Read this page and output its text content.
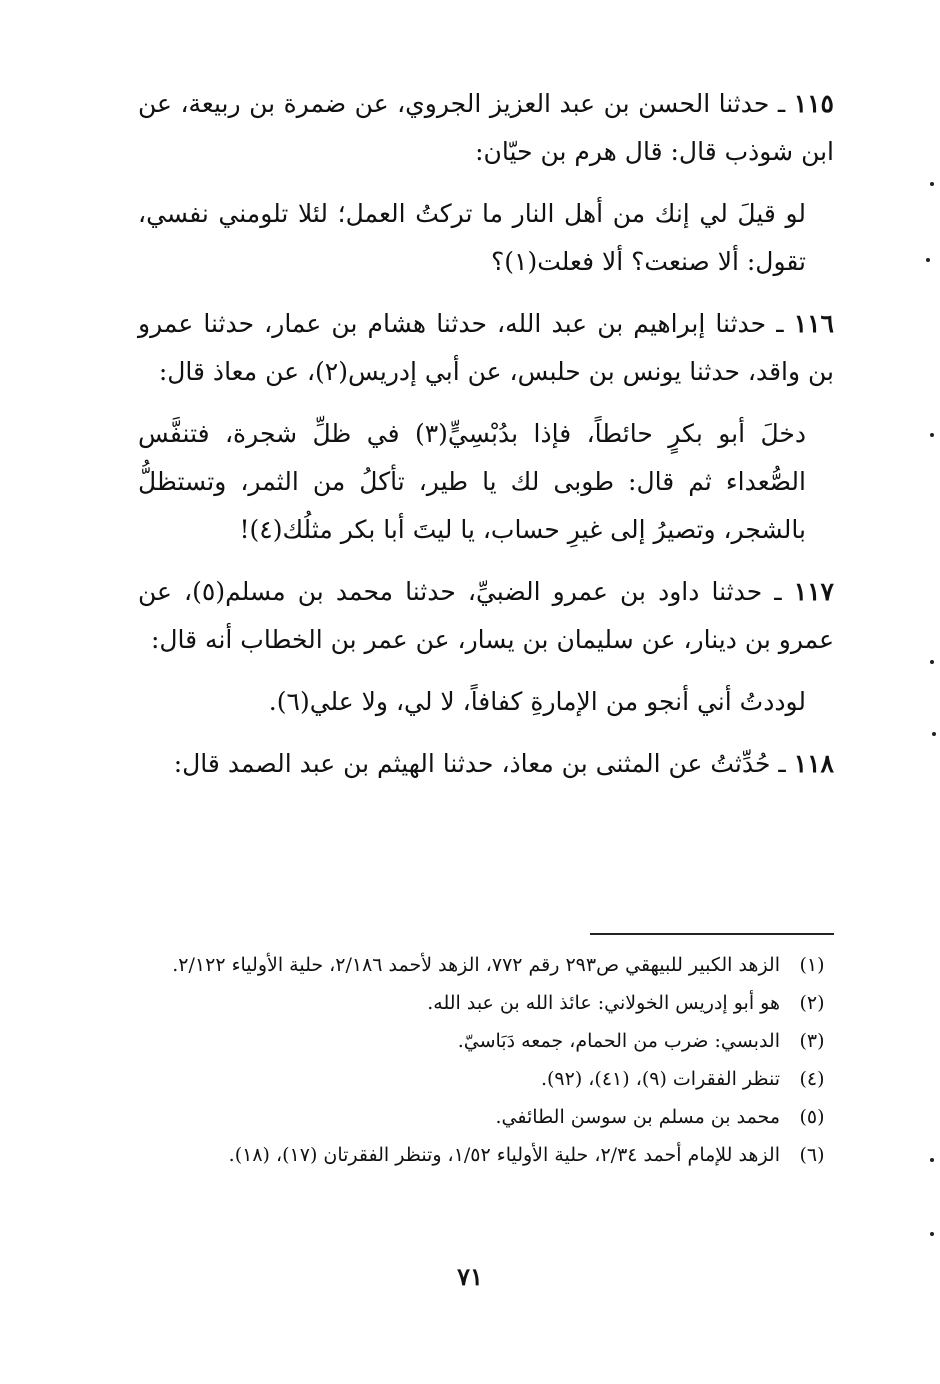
١١٥ ـ حدثنا الحسن بن عبد العزيز الجروي، عن ضمرة بن ربيعة، عن ابن شوذب قال: قال هرم بن حيّان:

لو قيلَ لي إنك من أهل النار ما تركتُ العمل؛ لئلا تلومني نفسي، تقول: ألا صنعت؟ ألا فعلت(١)؟

١١٦ ـ حدثنا إبراهيم بن عبد الله، حدثنا هشام بن عمار، حدثنا عمرو بن واقد، حدثنا يونس بن حلبس، عن أبي إدريس(٢)، عن معاذ قال:

دخلَ أبو بكرٍ حائطاً، فإذا بدُبْسِيٍّ(٣) في ظلِّ شجرة، فتنفَّس الصُّعداء ثم قال: طوبى لك يا طير، تأكلُ من الثمر، وتستظلُّ بالشجر، وتصيرُ إلى غيرِ حساب، يا ليتَ أبا بكر مثلُك(٤)!

١١٧ ـ حدثنا داود بن عمرو الضبيِّ، حدثنا محمد بن مسلم(٥)، عن عمرو بن دينار، عن سليمان بن يسار، عن عمر بن الخطاب أنه قال:

لوددتُ أني أنجو من الإمارةِ كفافاً، لا لي، ولا علي(٦).

١١٨ ـ حُدِّثتُ عن المثنى بن معاذ، حدثنا الهيثم بن عبد الصمد قال:

(١)
الزهد الكبير للبيهقي ص٢٩٣ رقم ٧٧٢، الزهد لأحمد ٢/١٨٦، حلية الأولياء ٢/١٢٢.
(٢)
هو أبو إدريس الخولاني: عائذ الله بن عبد الله.
(٣)
الدبسي: ضرب من الحمام، جمعه دَبَاسيّ.
(٤)
تنظر الفقرات (٩)، (٤١)، (٩٢).
(٥)
محمد بن مسلم بن سوسن الطائفي.
(٦)
الزهد للإمام أحمد ٢/٣٤، حلية الأولياء ١/٥٢، وتنظر الفقرتان (١٧)، (١٨).
٧١
